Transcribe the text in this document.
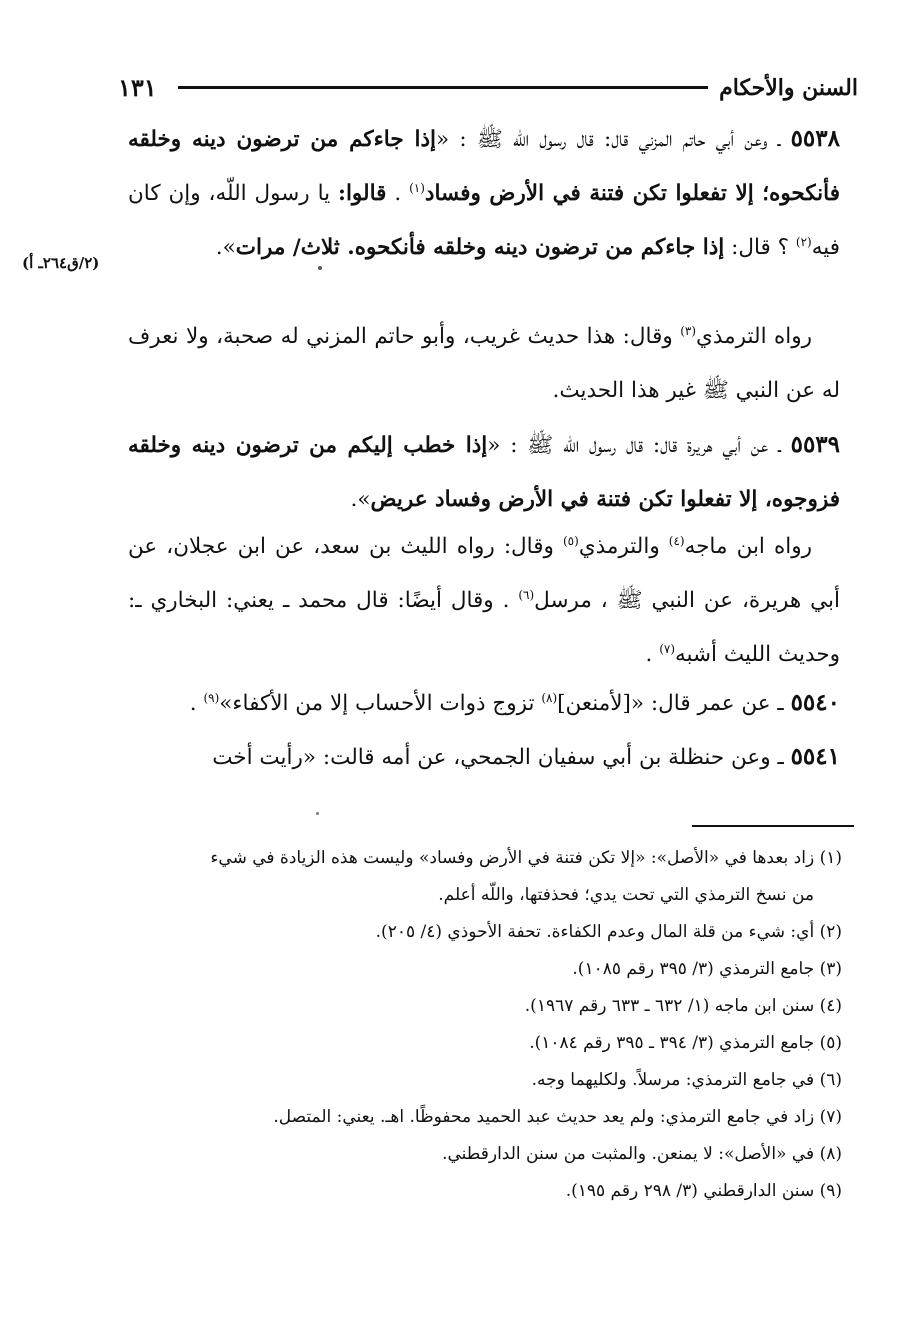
السنن والأحكام
١٣١

٥٥٣٨ ـ وعن أبي حاتم المزني قال: قال رسول اللّه ﷺ : «إذا جاءكم من ترضون دينه وخلقه فأنكحوه؛ إلا تفعلوا تكن فتنة في الأرض وفساد$^{(١)}$ . قالوا: يا رسول اللّه، وإن كان فيه$^{(٢)}$ ؟ قال: إذا جاءكم من ترضون دينه وخلقه فأنكحوه. ثلاث/ مرات».

(٢/ق٢٦٤ـ أ)

رواه الترمذي$^{(٣)}$ وقال: هذا حديث غريب، وأبو حاتم المزني له صحبة، ولا نعرف له عن النبي ﷺ غير هذا الحديث.

٥٥٣٩ ـ عن أبي هريرة قال: قال رسول اللّه ﷺ : «إذا خطب إليكم من ترضون دينه وخلقه فزوجوه، إلا تفعلوا تكن فتنة في الأرض وفساد عريض».

رواه ابن ماجه$^{(٤)}$ والترمذي$^{(٥)}$ وقال: رواه الليث بن سعد، عن ابن عجلان، عن أبي هريرة، عن النبي ﷺ ، مرسل$^{(٦)}$ . وقال أيضًا: قال محمد ـ يعني: البخاري ـ: وحديث الليث أشبه$^{(٧)}$ .

٥٥٤٠ ـ عن عمر قال: «[لأمنعن]$^{(٨)}$ تزوج ذوات الأحساب إلا من الأكفاء»$^{(٩)}$ .

٥٥٤١ ـ وعن حنظلة بن أبي سفيان الجمحي، عن أمه قالت: «رأيت أخت

(١) زاد بعدها في «الأصل»: «إلا تكن فتنة في الأرض وفساد» وليست هذه الزيادة في شيء
من نسخ الترمذي التي تحت يدي؛ فحذفتها، واللّه أعلم.
(٢) أي: شيء من قلة المال وعدم الكفاءة. تحفة الأحوذي (٤/ ٢٠٥).
(٣) جامع الترمذي (٣/ ٣٩٥ رقم ١٠٨٥).
(٤) سنن ابن ماجه (١/ ٦٣٢ ـ ٦٣٣ رقم ١٩٦٧).
(٥) جامع الترمذي (٣/ ٣٩٤ ـ ٣٩٥ رقم ١٠٨٤).
(٦) في جامع الترمذي: مرسلاً. ولكليهما وجه.
(٧) زاد في جامع الترمذي: ولم يعد حديث عبد الحميد محفوظًا. اهـ. يعني: المتصل.
(٨) في «الأصل»: لا يمنعن. والمثبت من سنن الدارقطني.
(٩) سنن الدارقطني (٣/ ٢٩٨ رقم ١٩٥).
